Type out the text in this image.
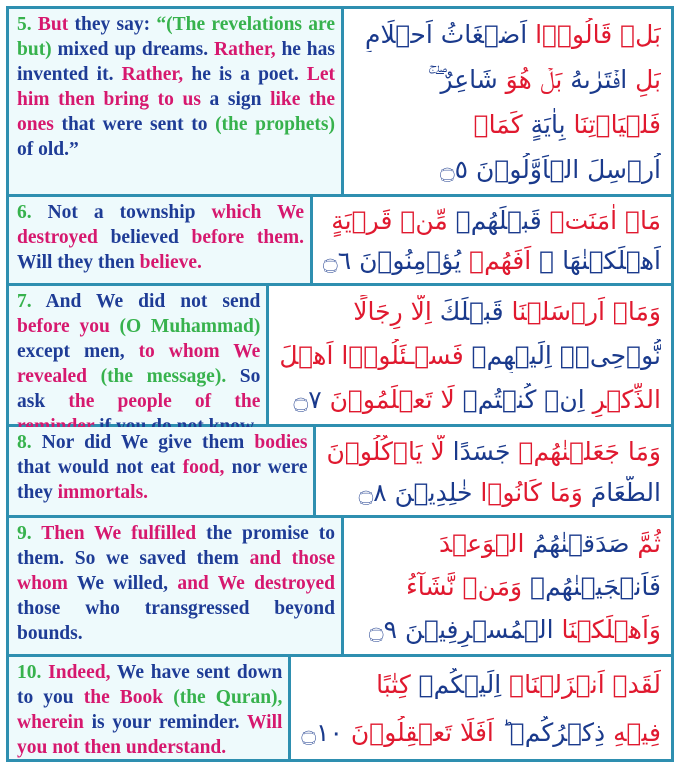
5. But they say: “(The revelations are but) mixed up dreams. Rather, he has invented it. Rather, he is a poet. Let him then bring to us a sign like the ones that were sent to (the prophets) of old.”
بَلۡ قَالُوۡۤا اَضۡغَاثُ اَحۡلَامٍ
بَلِ افۡتَرٰٮهُ بَلۡ هُوَ شَاعِرٌ ۖ ۚ
فَلۡيَاۡتِنَا بِاٰيَةٍ كَمَاۤ
اُرۡسِلَ الۡاَوَّلُوۡنَ ۝٥
6. Not a township which We destroyed believed before them. Will they then believe.
مَاۤ اٰمَنَتۡ قَبۡلَهُمۡ مِّنۡ قَرۡيَةٍ
اَهۡلَكۡنٰهَا ۚ اَفَهُمۡ يُؤۡمِنُوۡنَ ۝٦
7. And We did not send before you (O Muhammad) except men, to whom We revealed (the message). So ask the people of the
وَمَاۤ اَرۡسَلۡنَا قَبۡلَكَ اِلَّا رِجَالًا
نُّوۡحِىۡۤ اِلَيۡهِمۡ فَسۡـئَلُوۡۤا اَهۡلَ
الذِّكۡرِ اِنۡ كُنۡتُمۡ لَا تَعۡلَمُوۡنَ ۝٧
8. Nor did We give them bodies that would not eat food, nor were they immortals.
وَمَا جَعَلۡنٰهُمۡ جَسَدًا لَّا يَاۡكُلُوۡنَ
الطَّعَامَ وَمَا كَانُوۡا خٰلِدِيۡنَ ۝٨
9. Then We fulfilled the promise to them. So we saved them and those whom We willed, and We destroyed those who transgressed beyond bounds.
ثُمَّ صَدَقۡنٰهُمُ الۡوَعۡدَ
فَاَنۡجَيۡنٰهُمۡ وَمَنۡ نَّشَآءُ
وَاَهۡلَكۡنَا الۡمُسۡرِفِيۡنَ ۝٩
10. Indeed, We have sent down to you the Book (the Quran), wherein is your reminder. Will you not then understand.
لَقَدۡ اَنۡزَلۡنَاۤ اِلَيۡكُمۡ كِتٰبًا
فِيۡهِ ذِكۡرُكُمۡ ؕ اَفَلَا تَعۡقِلُوۡنَ ۝١٠
